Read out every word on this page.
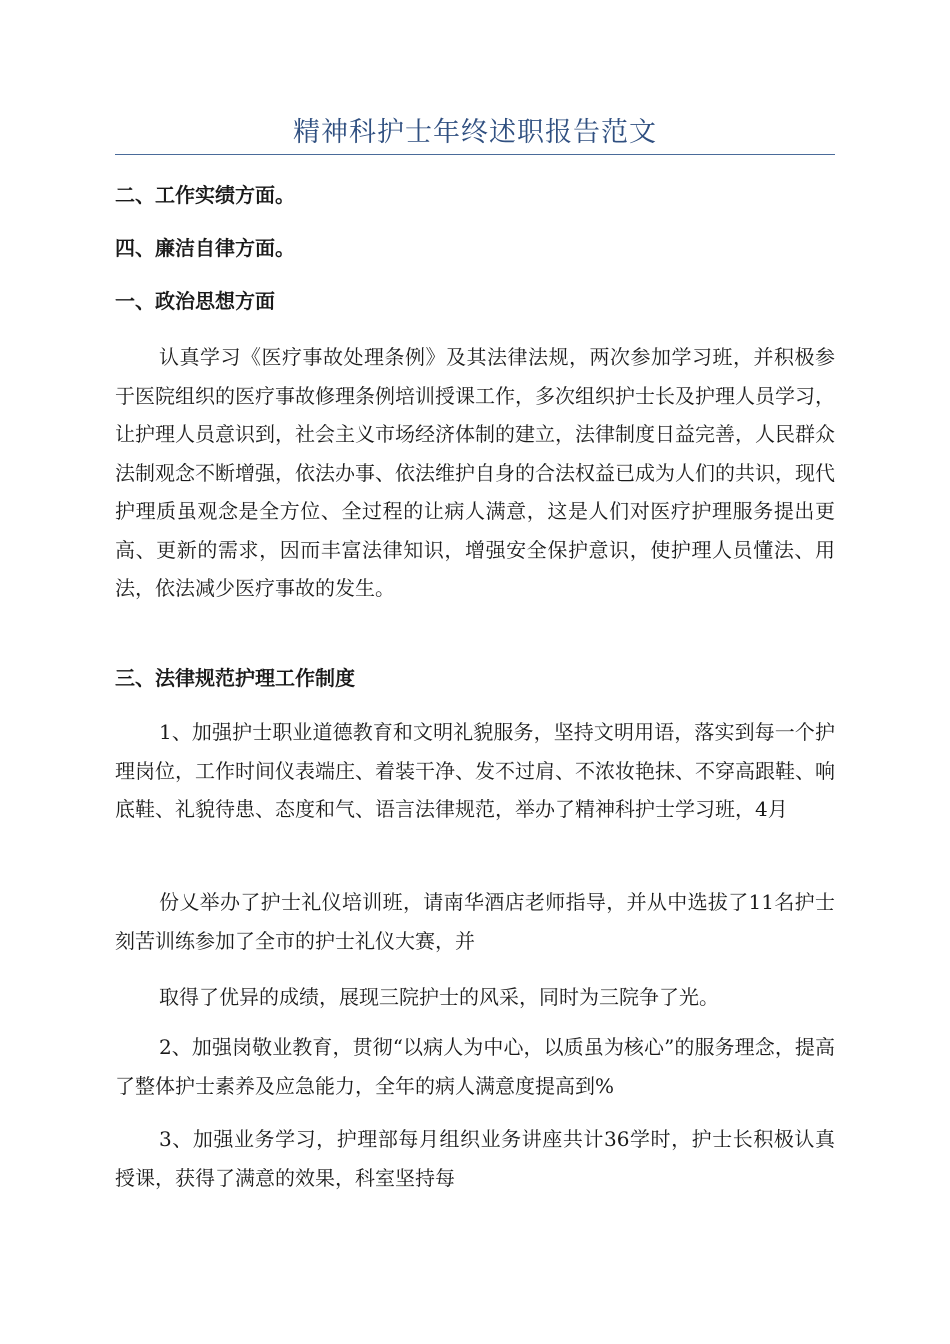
精神科护士年终述职报告范文
二、工作实绩方面。
四、廉洁自律方面。
一、政治思想方面
认真学习《医疗事故处理条例》及其法律法规，两次参加学习班，并积极参于医院组织的医疗事故修理条例培训授课工作，多次组织护士长及护理人员学习，让护理人员意识到，社会主义市场经济体制的建立，法律制度日益完善，人民群众法制观念不断增强，依法办事、依法维护自身的合法权益已成为人们的共识，现代护理质虽观念是全方位、全过程的让病人满意，这是人们对医疗护理服务提出更高、更新的需求，因而丰富法律知识，增强安全保护意识，使护理人员懂法、用法，依法减少医疗事故的发生。
三、法律规范护理工作制度
1、加强护士职业道德教育和文明礼貌服务，坚持文明用语，落实到每一个护理岗位，工作时间仪表端庄、着装干净、发不过肩、不浓妆艳抹、不穿高跟鞋、响底鞋、礼貌待患、态度和气、语言法律规范，举办了精神科护士学习班，4月
份乂举办了护士礼仪培训班，请南华酒店老师指导，并从中选拔了11名护士刻苦训练参加了全市的护士礼仪大赛，并
取得了优异的成绩，展现三院护士的风采，同时为三院争了光。
2、加强岗敬业教育，贯彻“以病人为中心，以质虽为核心”的服务理念，提高了整体护士素养及应急能力，全年的病人满意度提高到%
3、加强业务学习，护理部每月组织业务讲座共计36学时，护士长积极认真授课，获得了满意的效果，科室坚持每
